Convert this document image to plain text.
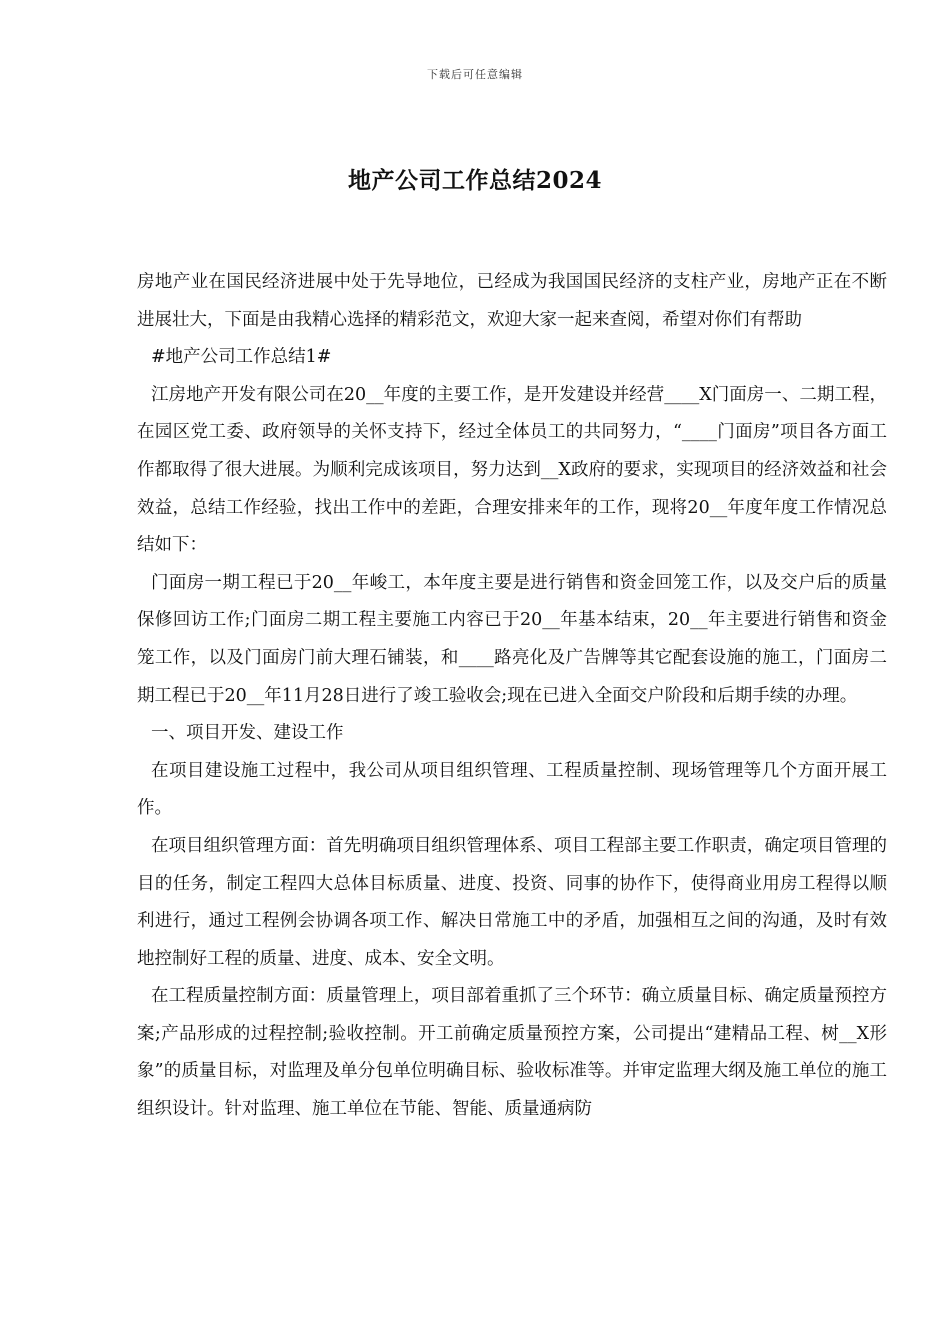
下载后可任意编辑
地产公司工作总结2024

房地产业在国民经济进展中处于先导地位，已经成为我国国民经济的支柱产业，房地产正在不断进展壮大，下面是由我精心选择的精彩范文，欢迎大家一起来查阅，希望对你们有帮助

#地产公司工作总结1#

江房地产开发有限公司在20__年度的主要工作，是开发建设并经营____X门面房一、二期工程，在园区党工委、政府领导的关怀支持下，经过全体员工的共同努力，“____门面房”项目各方面工作都取得了很大进展。为顺利完成该项目，努力达到__X政府的要求，实现项目的经济效益和社会效益，总结工作经验，找出工作中的差距，合理安排来年的工作，现将20__年度年度工作情况总结如下：

门面房一期工程已于20__年峻工，本年度主要是进行销售和资金回笼工作，以及交户后的质量保修回访工作;门面房二期工程主要施工内容已于20__年基本结束，20__年主要进行销售和资金笼工作，以及门面房门前大理石铺装，和____路亮化及广告牌等其它配套设施的施工，门面房二期工程已于20__年11月28日进行了竣工验收会;现在已进入全面交户阶段和后期手续的办理。

一、项目开发、建设工作

在项目建设施工过程中，我公司从项目组织管理、工程质量控制、现场管理等几个方面开展工作。

在项目组织管理方面：首先明确项目组织管理体系、项目工程部主要工作职责，确定项目管理的目的任务，制定工程四大总体目标质量、进度、投资、同事的协作下，使得商业用房工程得以顺利进行，通过工程例会协调各项工作、解决日常施工中的矛盾，加强相互之间的沟通，及时有效地控制好工程的质量、进度、成本、安全文明。

在工程质量控制方面：质量管理上，项目部着重抓了三个环节：确立质量目标、确定质量预控方案;产品形成的过程控制;验收控制。开工前确定质量预控方案，公司提出“建精品工程、树__X形象”的质量目标，对监理及单分包单位明确目标、验收标准等。并审定监理大纲及施工单位的施工组织设计。针对监理、施工单位在节能、智能、质量通病防
